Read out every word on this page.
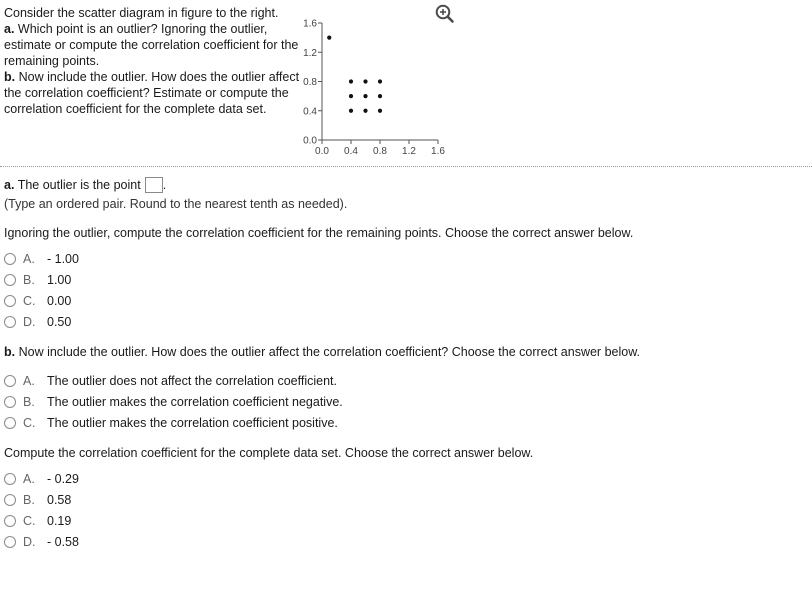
Consider the scatter diagram in figure to the right.

a. Which point is an outlier? Ignoring the outlier, estimate or compute the correlation coefficient for the remaining points.

b. Now include the outlier. How does the outlier affect the correlation coefficient? Estimate or compute the correlation coefficient for the complete data set.

0.0
0.4
0.8
1.2
1.6
0.0 0.4 0.8 1.2 1.6
a. The outlier is the point .
(Type an ordered pair. Round to the nearest tenth as needed).
Ignoring the outlier, compute the correlation coefficient for the remaining points. Choose the correct answer below.
A. - 1.00
B. 1.00
C. 0.00
D. 0.50
b. Now include the outlier. How does the outlier affect the correlation coefficient? Choose the correct answer below.
A. The outlier does not affect the correlation coefficient.
B. The outlier makes the correlation coefficient negative.
C. The outlier makes the correlation coefficient positive.
Compute the correlation coefficient for the complete data set. Choose the correct answer below.
A. - 0.29
B. 0.58
C. 0.19
D. - 0.58
